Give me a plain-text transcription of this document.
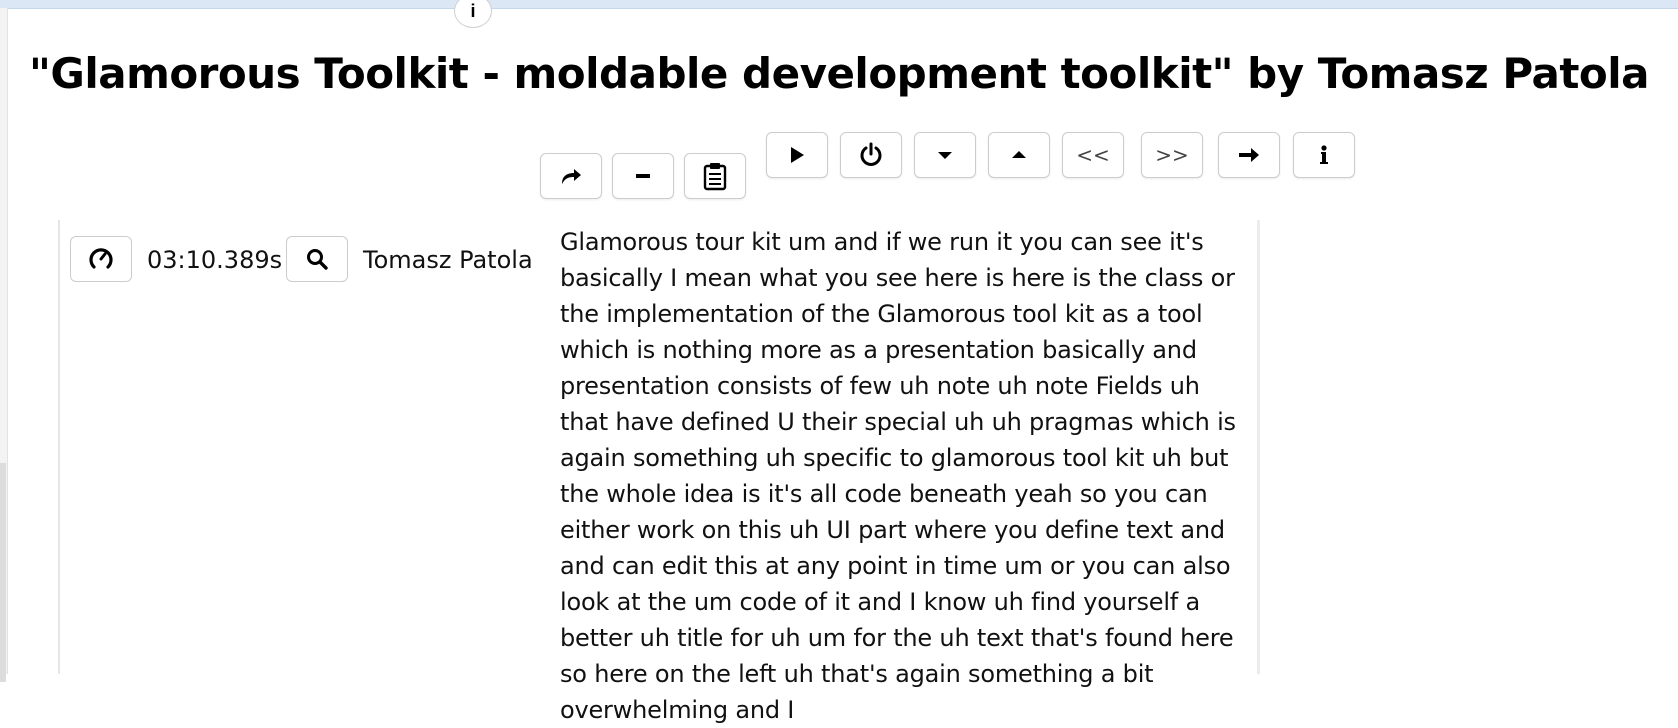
i
"Glamorous Toolkit - moldable development toolkit" by Tomasz Patola
<< >>
03:10.389s	Tomasz Patola

Glamorous tour kit um and if we run it you can see it's basically I mean what you see here is here is the class or the implementation of the Glamorous tool kit as a tool which is nothing more as a presentation basically and presentation consists of few uh note uh note Fields uh that have defined U their special uh uh pragmas which is again something uh specific to glamorous tool kit uh but the whole idea is it's all code beneath yeah so you can either work on this uh UI part where you define text and and can edit this at any point in time um or you can also look at the um code of it and I know uh find yourself a better uh title for uh um for the uh text that's found here so here on the left uh that's again something a bit overwhelming and I
